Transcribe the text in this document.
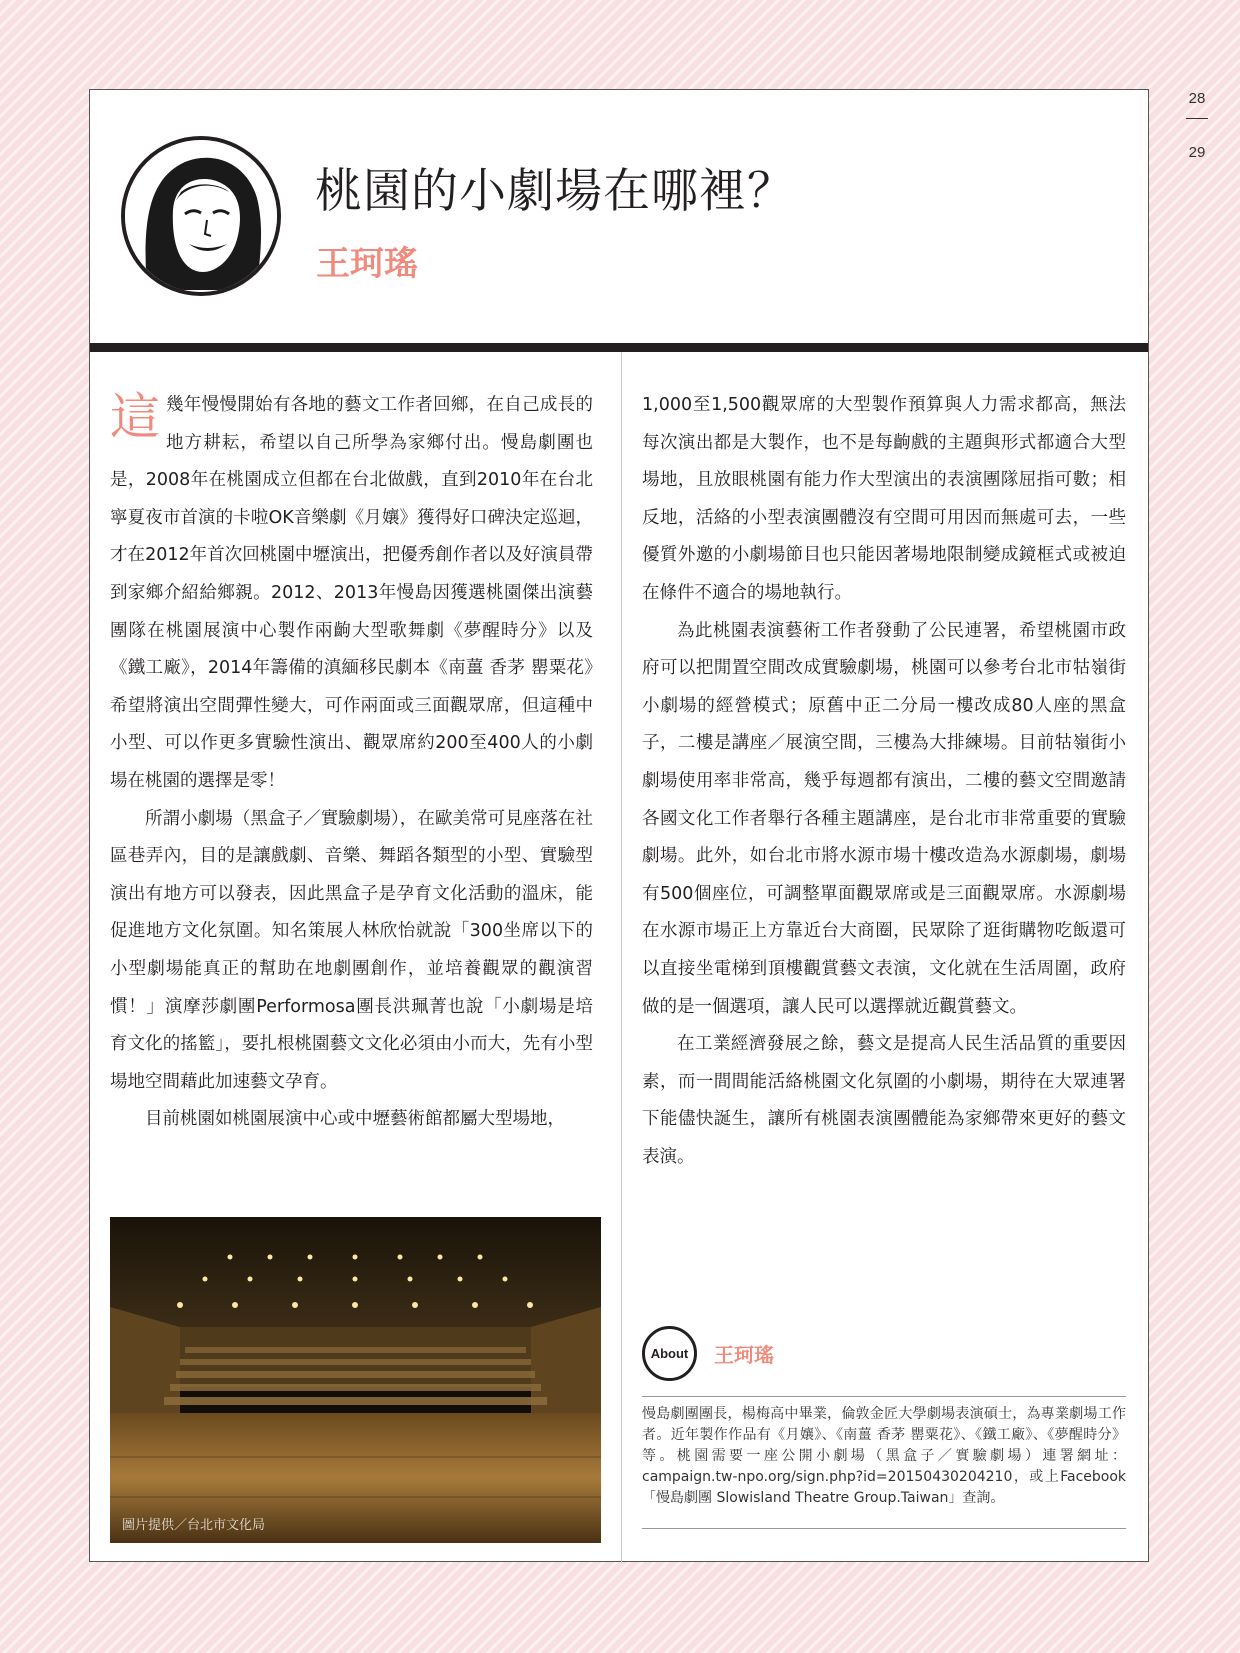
28
29
桃園的小劇場在哪裡？
王珂瑤

這幾年慢慢開始有各地的藝文工作者回鄉，在自己成長的地方耕耘，希望以自己所學為家鄉付出。慢島劇團也是，2008年在桃園成立但都在台北做戲，直到2010年在台北寧夏夜市首演的卡啦OK音樂劇《月孃》獲得好口碑決定巡迴，才在2012年首次回桃園中壢演出，把優秀創作者以及好演員帶到家鄉介紹給鄉親。2012、2013年慢島因獲選桃園傑出演藝團隊在桃園展演中心製作兩齣大型歌舞劇《夢醒時分》以及《鐵工廠》，2014年籌備的滇緬移民劇本《南薑 香茅 罌粟花》希望將演出空間彈性變大，可作兩面或三面觀眾席，但這種中小型、可以作更多實驗性演出、觀眾席約200至400人的小劇場在桃園的選擇是零！

所謂小劇場（黑盒子／實驗劇場），在歐美常可見座落在社區巷弄內，目的是讓戲劇、音樂、舞蹈各類型的小型、實驗型演出有地方可以發表，因此黑盒子是孕育文化活動的溫床，能促進地方文化氛圍。知名策展人林欣怡就說「300坐席以下的小型劇場能真正的幫助在地劇團創作，並培養觀眾的觀演習慣！」演摩莎劇團Performosa團長洪珮菁也說「小劇場是培育文化的搖籃」，要扎根桃園藝文文化必須由小而大，先有小型場地空間藉此加速藝文孕育。

目前桃園如桃園展演中心或中壢藝術館都屬大型場地，

1,000至1,500觀眾席的大型製作預算與人力需求都高，無法每次演出都是大製作，也不是每齣戲的主題與形式都適合大型場地，且放眼桃園有能力作大型演出的表演團隊屈指可數；相反地，活絡的小型表演團體沒有空間可用因而無處可去，一些優質外邀的小劇場節目也只能因著場地限制變成鏡框式或被迫在條件不適合的場地執行。

為此桃園表演藝術工作者發動了公民連署，希望桃園市政府可以把閒置空間改成實驗劇場，桃園可以參考台北市牯嶺街小劇場的經營模式；原舊中正二分局一樓改成80人座的黑盒子，二樓是講座／展演空間，三樓為大排練場。目前牯嶺街小劇場使用率非常高，幾乎每週都有演出，二樓的藝文空間邀請各國文化工作者舉行各種主題講座，是台北市非常重要的實驗劇場。此外，如台北市將水源市場十樓改造為水源劇場，劇場有500個座位，可調整單面觀眾席或是三面觀眾席。水源劇場在水源市場正上方靠近台大商圈，民眾除了逛街購物吃飯還可以直接坐電梯到頂樓觀賞藝文表演，文化就在生活周圍，政府做的是一個選項，讓人民可以選擇就近觀賞藝文。

在工業經濟發展之餘，藝文是提高人民生活品質的重要因素，而一間間能活絡桃園文化氛圍的小劇場，期待在大眾連署下能儘快誕生，讓所有桃園表演團體能為家鄉帶來更好的藝文表演。

圖片提供／台北市文化局
About	王珂瑤

慢島劇團團長，楊梅高中畢業，倫敦金匠大學劇場表演碩士，為專業劇場工作者。近年製作作品有《月孃》、《南薑 香茅 罌粟花》、《鐵工廠》、《夢醒時分》等。桃園需要一座公開小劇場（黑盒子／實驗劇場）連署網址：campaign.tw-npo.org/sign.php?id=20150430204210，或上Facebook「慢島劇團 Slowisland Theatre Group.Taiwan」查詢。
